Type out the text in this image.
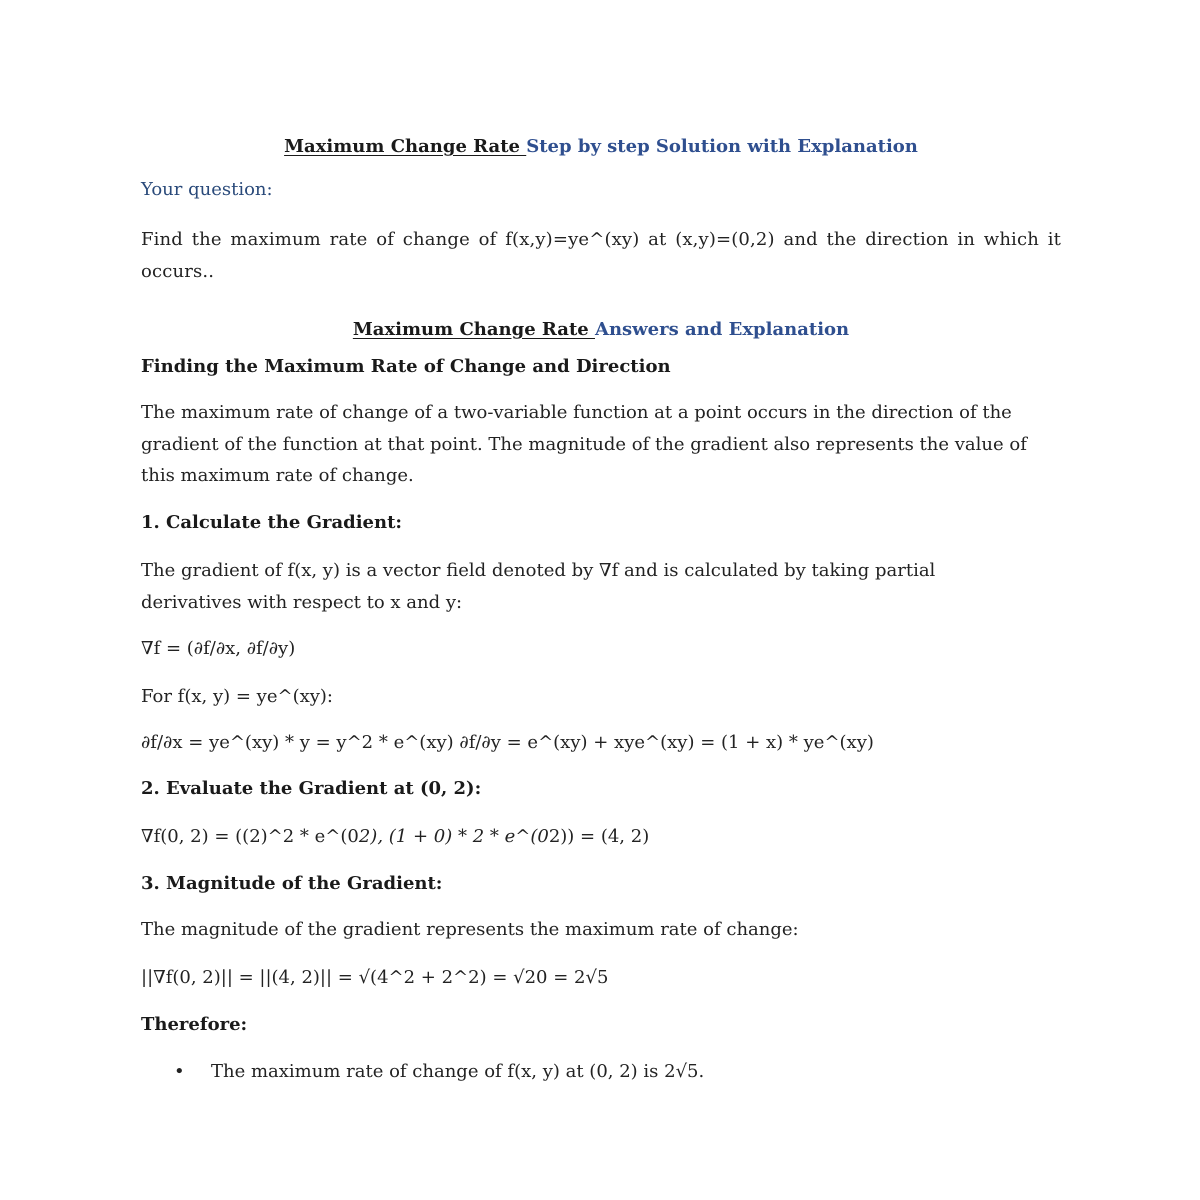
Maximum Change Rate Step by step Solution with Explanation
Your question:
Find the maximum rate of change of f(x,y)=ye^(xy) at (x,y)=(0,2) and the direction in which it occurs..
Maximum Change Rate Answers and Explanation
Finding the Maximum Rate of Change and Direction
The maximum rate of change of a two-variable function at a point occurs in the direction of the gradient of the function at that point. The magnitude of the gradient also represents the value of this maximum rate of change.
1. Calculate the Gradient:
The gradient of f(x, y) is a vector field denoted by ∇f and is calculated by taking partial derivatives with respect to x and y:
∇f = (∂f/∂x, ∂f/∂y)
For f(x, y) = ye^(xy):
∂f/∂x = ye^(xy) * y = y^2 * e^(xy) ∂f/∂y = e^(xy) + xye^(xy) = (1 + x) * ye^(xy)
2. Evaluate the Gradient at (0, 2):
∇f(0, 2) = ((2)^2 * e^(02), (1 + 0) * 2 * e^(02)) = (4, 2)
3. Magnitude of the Gradient:
The magnitude of the gradient represents the maximum rate of change:
||∇f(0, 2)|| = ||(4, 2)|| = √(4^2 + 2^2) = √20 = 2√5
Therefore:
• The maximum rate of change of f(x, y) at (0, 2) is 2√5.
